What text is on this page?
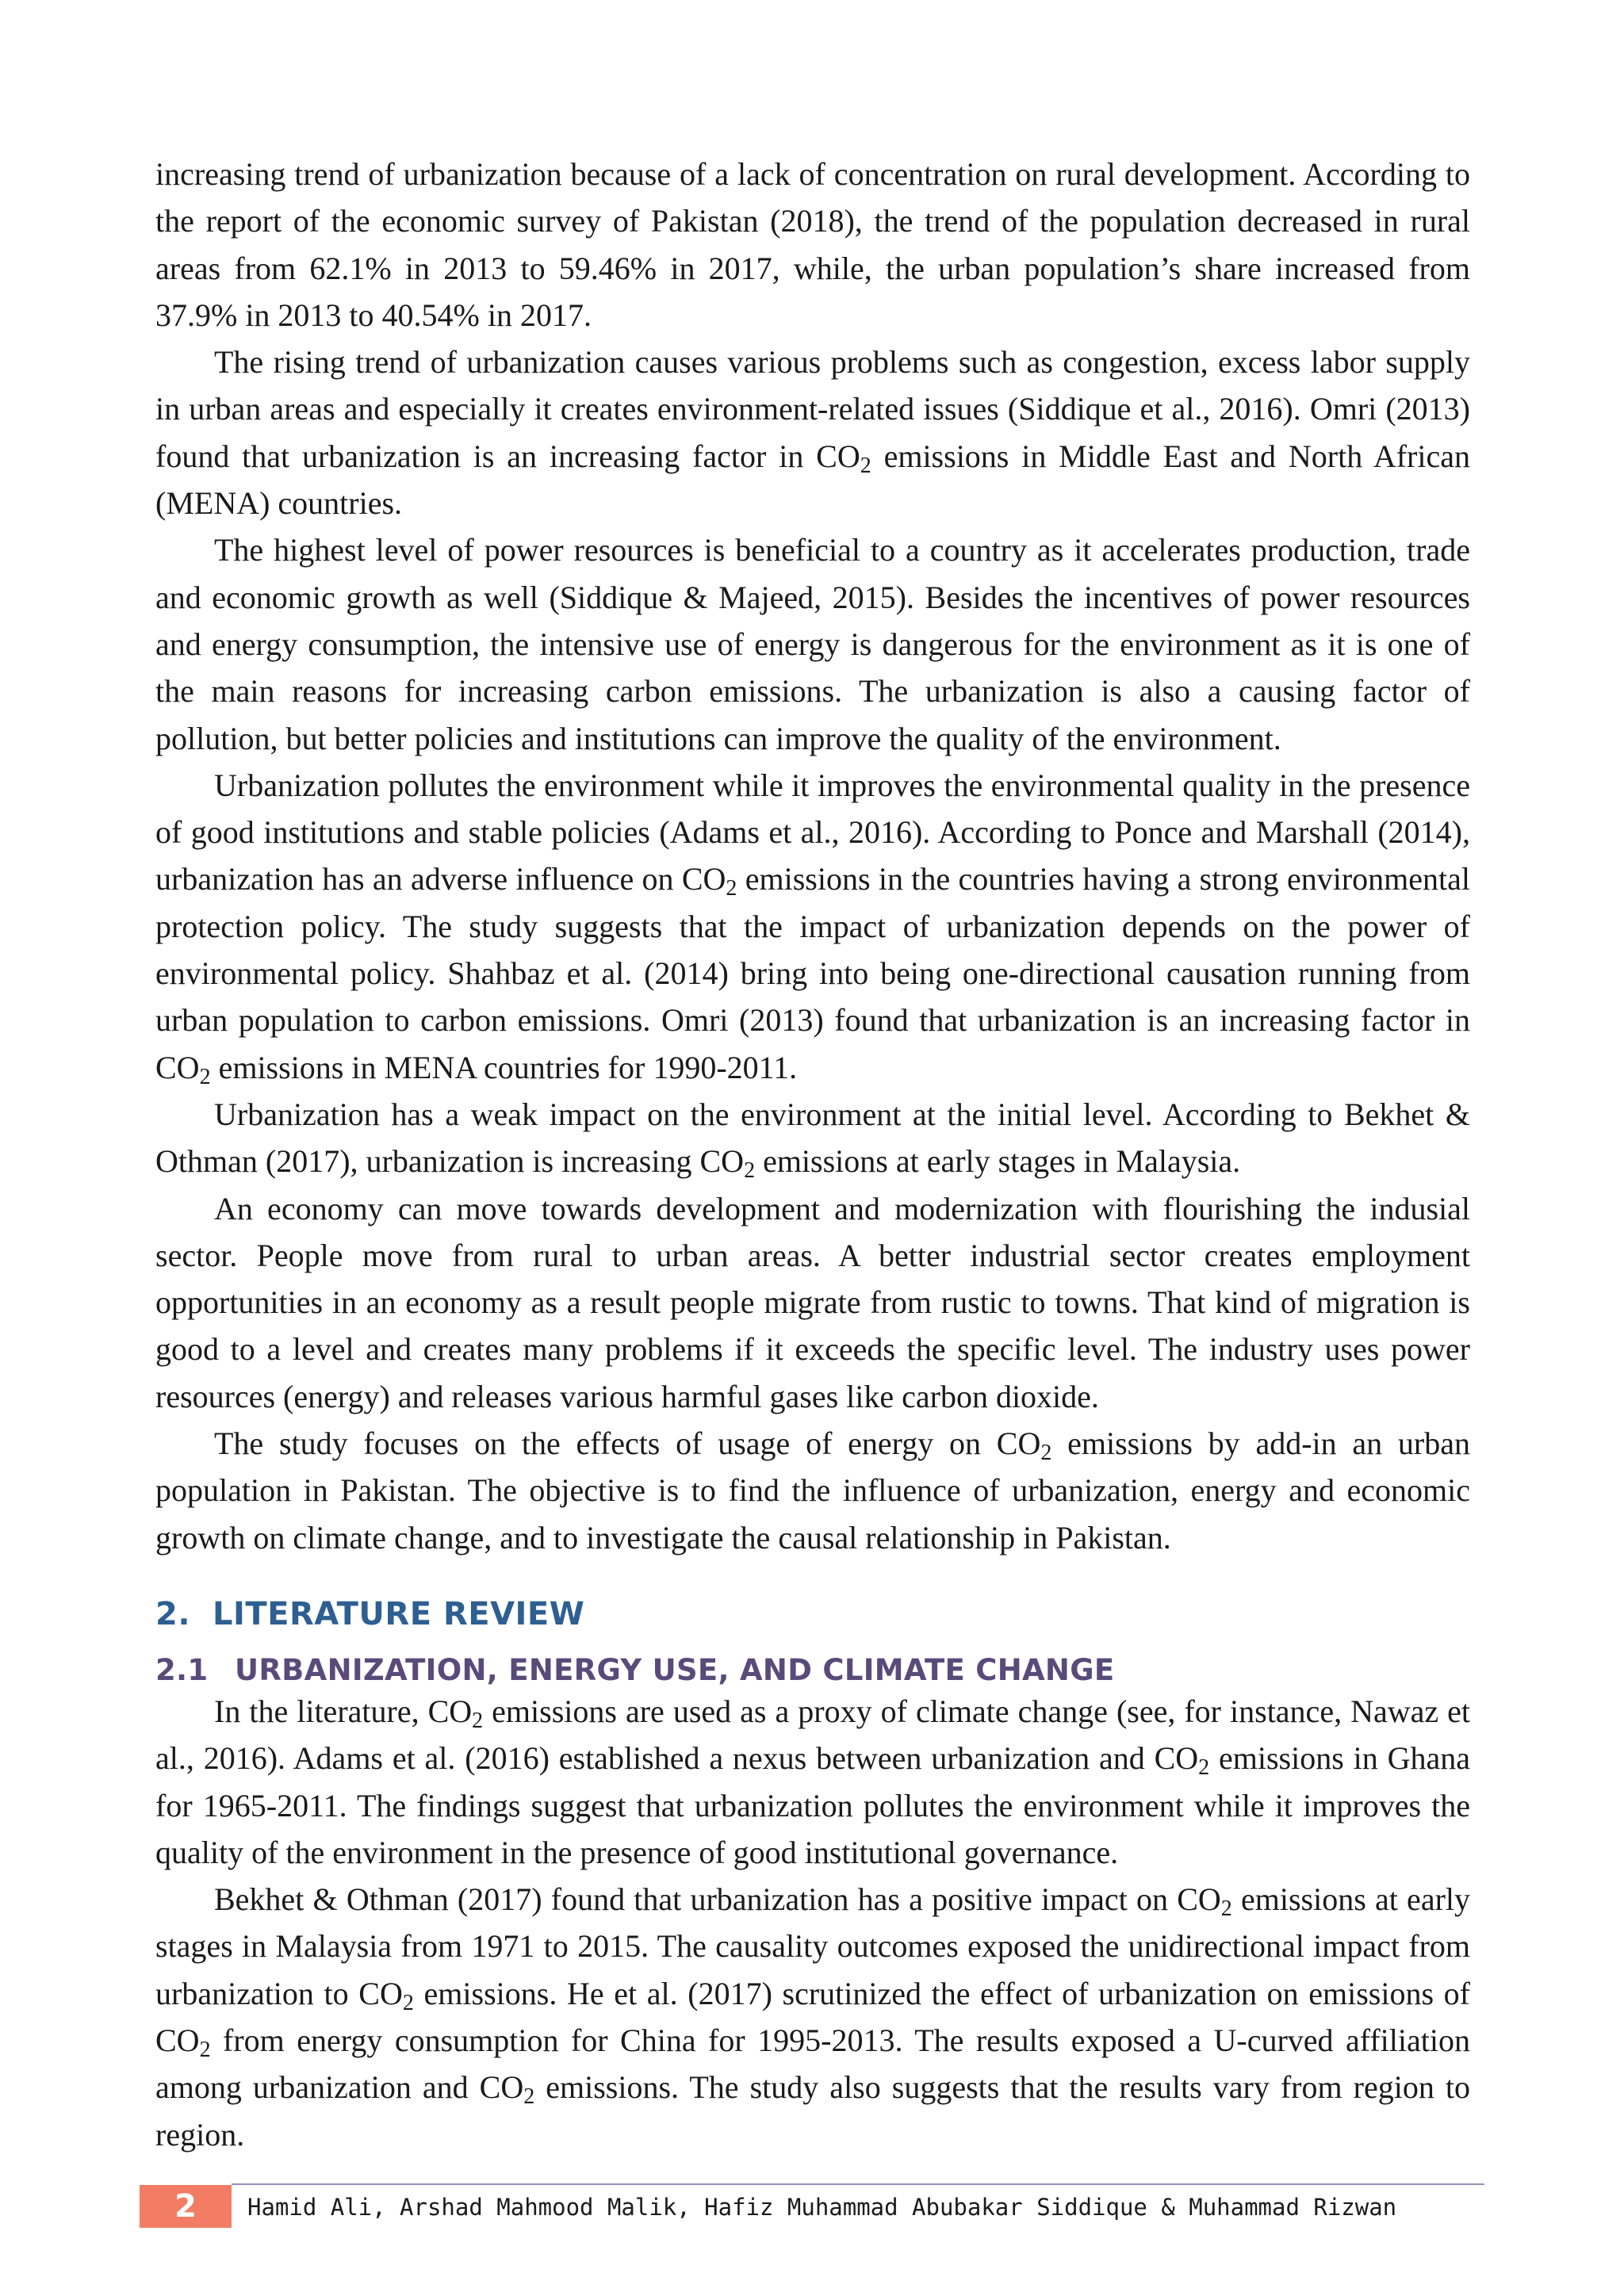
increasing trend of urbanization because of a lack of concentration on rural development. According to the report of the economic survey of Pakistan (2018), the trend of the population decreased in rural areas from 62.1% in 2013 to 59.46% in 2017, while, the urban population’s share increased from 37.9% in 2013 to 40.54% in 2017.

The rising trend of urbanization causes various problems such as congestion, excess labor supply in urban areas and especially it creates environment-related issues (Siddique et al., 2016). Omri (2013) found that urbanization is an increasing factor in $CO_2$ emissions in Middle East and North African (MENA) countries.

The highest level of power resources is beneficial to a country as it accelerates production, trade and economic growth as well (Siddique & Majeed, 2015). Besides the incentives of power resources and energy consumption, the intensive use of energy is dangerous for the environment as it is one of the main reasons for increasing carbon emissions. The urbanization is also a causing factor of pollution, but better policies and institutions can improve the quality of the environment.

Urbanization pollutes the environment while it improves the environmental quality in the presence of good institutions and stable policies (Adams et al., 2016). According to Ponce and Marshall (2014), urbanization has an adverse influence on $CO_2$ emissions in the countries having a strong environmental protection policy. The study suggests that the impact of urbanization depends on the power of environmental policy. Shahbaz et al. (2014) bring into being one-directional causation running from urban population to carbon emissions. Omri (2013) found that urbanization is an increasing factor in $CO_2$ emissions in MENA countries for 1990-2011.

Urbanization has a weak impact on the environment at the initial level. According to Bekhet & Othman (2017), urbanization is increasing $CO_2$ emissions at early stages in Malaysia.

An economy can move towards development and modernization with flourishing the indusial sector. People move from rural to urban areas. A better industrial sector creates employment opportunities in an economy as a result people migrate from rustic to towns. That kind of migration is good to a level and creates many problems if it exceeds the specific level. The industry uses power resources (energy) and releases various harmful gases like carbon dioxide.

The study focuses on the effects of usage of energy on $CO_2$ emissions by add-in an urban population in Pakistan. The objective is to find the influence of urbanization, energy and economic growth on climate change, and to investigate the causal relationship in Pakistan.

2. LITERATURE REVIEW
2.1 URBANIZATION, ENERGY USE, AND CLIMATE CHANGE

In the literature, $CO_2$ emissions are used as a proxy of climate change (see, for instance, Nawaz et al., 2016). Adams et al. (2016) established a nexus between urbanization and $CO_2$ emissions in Ghana for 1965-2011. The findings suggest that urbanization pollutes the environment while it improves the quality of the environment in the presence of good institutional governance.

Bekhet & Othman (2017) found that urbanization has a positive impact on $CO_2$ emissions at early stages in Malaysia from 1971 to 2015. The causality outcomes exposed the unidirectional impact from urbanization to $CO_2$ emissions. He et al. (2017) scrutinized the effect of urbanization on emissions of $CO_2$ from energy consumption for China for 1995-2013. The results exposed a U-curved affiliation among urbanization and $CO_2$ emissions. The study also suggests that the results vary from region to region.

2	Hamid Ali, Arshad Mahmood Malik, Hafiz Muhammad Abubakar Siddique & Muhammad Rizwan
